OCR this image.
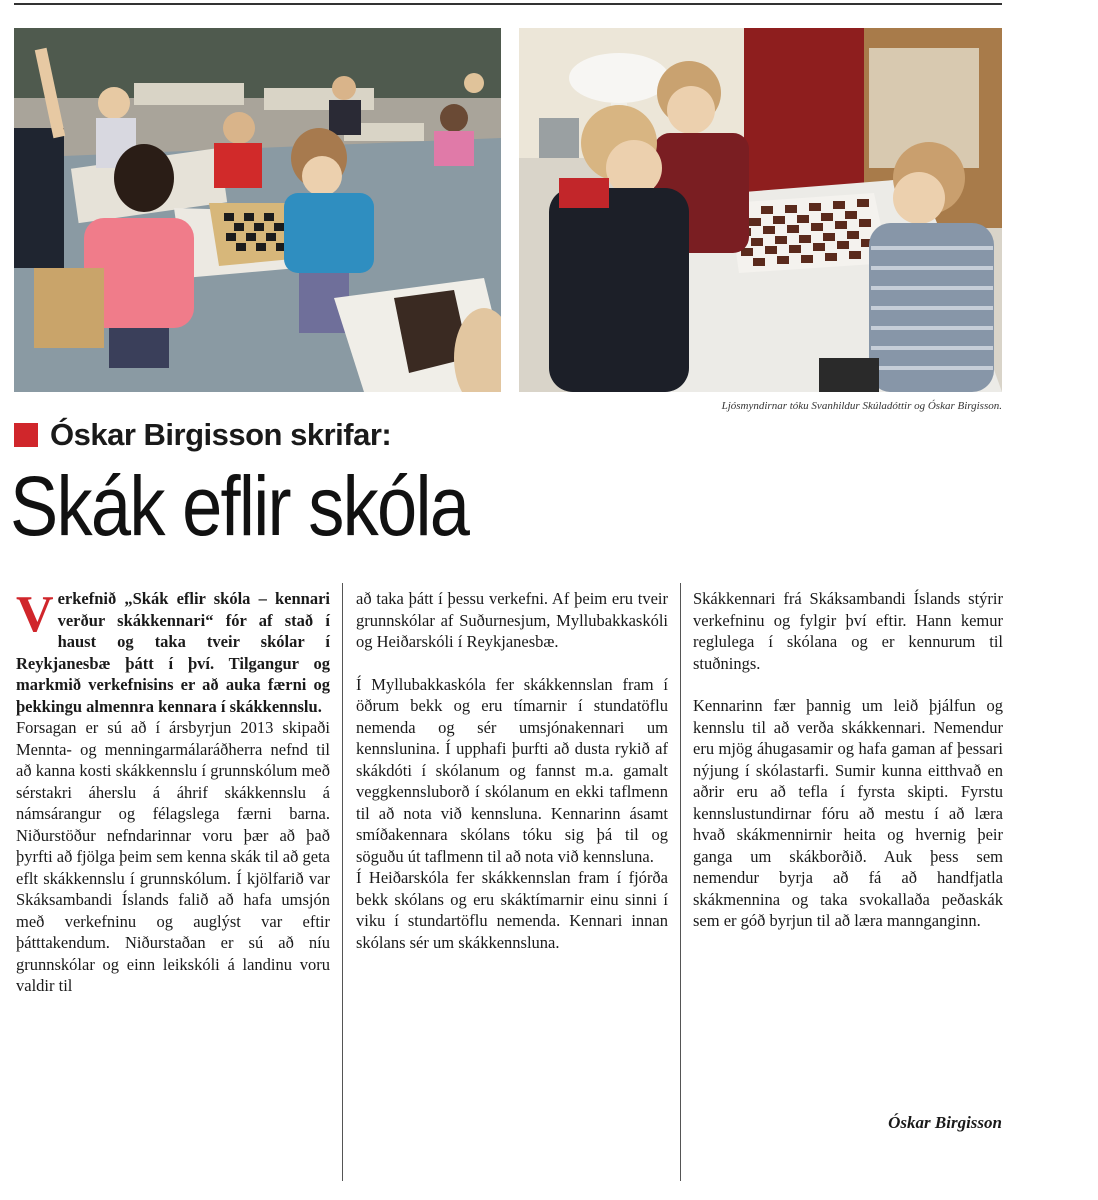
Ljósmyndirnar tóku Svanhildur Skúladóttir og Óskar Birgisson.
Óskar Birgisson skrifar:
Skák eflir skóla

Verkefnið „Skák eflir skóla – kennari verður skákkennari“ fór af stað í haust og taka tveir skólar í Reykjanesbæ þátt í því. Tilgangur og markmið verkefnisins er að auka færni og þekkingu almennra kennara í skákkennslu.

Forsagan er sú að í ársbyrjun 2013 skipaði Mennta- og menningarmálaráðherra nefnd til að kanna kosti skákkennslu í grunnskólum með sérstakri áherslu á áhrif skákkennslu á námsárangur og félagslega færni barna. Niðurstöður nefndarinnar voru þær að það þyrfti að fjölga þeim sem kenna skák til að geta eflt skákkennslu í grunnskólum. Í kjölfarið var Skáksambandi Íslands falið að hafa umsjón með verkefninu og auglýst var eftir þátttakendum. Niðurstaðan er sú að níu grunnskólar og einn leikskóli á landinu voru valdir til

að taka þátt í þessu verkefni. Af þeim eru tveir grunnskólar af Suðurnesjum, Myllubakkaskóli og Heiðarskóli í Reykjanesbæ.

Í Myllubakkaskóla fer skákkennslan fram í öðrum bekk og eru tímarnir í stundatöflu nemenda og sér umsjónakennari um kennslunina. Í upphafi þurfti að dusta rykið af skákdóti í skólanum og fannst m.a. gamalt veggkennsluborð í skólanum en ekki taflmenn til að nota við kennsluna. Kennarinn ásamt smíðakennara skólans tóku sig þá til og söguðu út taflmenn til að nota við kennsluna.

Í Heiðarskóla fer skákkennslan fram í fjórða bekk skólans og eru skáktímarnir einu sinni í viku í stundartöflu nemenda. Kennari innan skólans sér um skákkennsluna.

Skákkennari frá Skáksambandi Íslands stýrir verkefninu og fylgir því eftir. Hann kemur reglulega í skólana og er kennurum til stuðnings.

Kennarinn fær þannig um leið þjálfun og kennslu til að verða skákkennari. Nemendur eru mjög áhugasamir og hafa gaman af þessari nýjung í skólastarfi. Sumir kunna eitthvað en aðrir eru að tefla í fyrsta skipti. Fyrstu kennslustundirnar fóru að mestu í að læra hvað skákmennirnir heita og hvernig þeir ganga um skákborðið. Auk þess sem nemendur byrja að fá að handfjatla skákmennina og taka svokallaða peðaskák sem er góð byrjun til að læra mannganginn.

Óskar Birgisson
